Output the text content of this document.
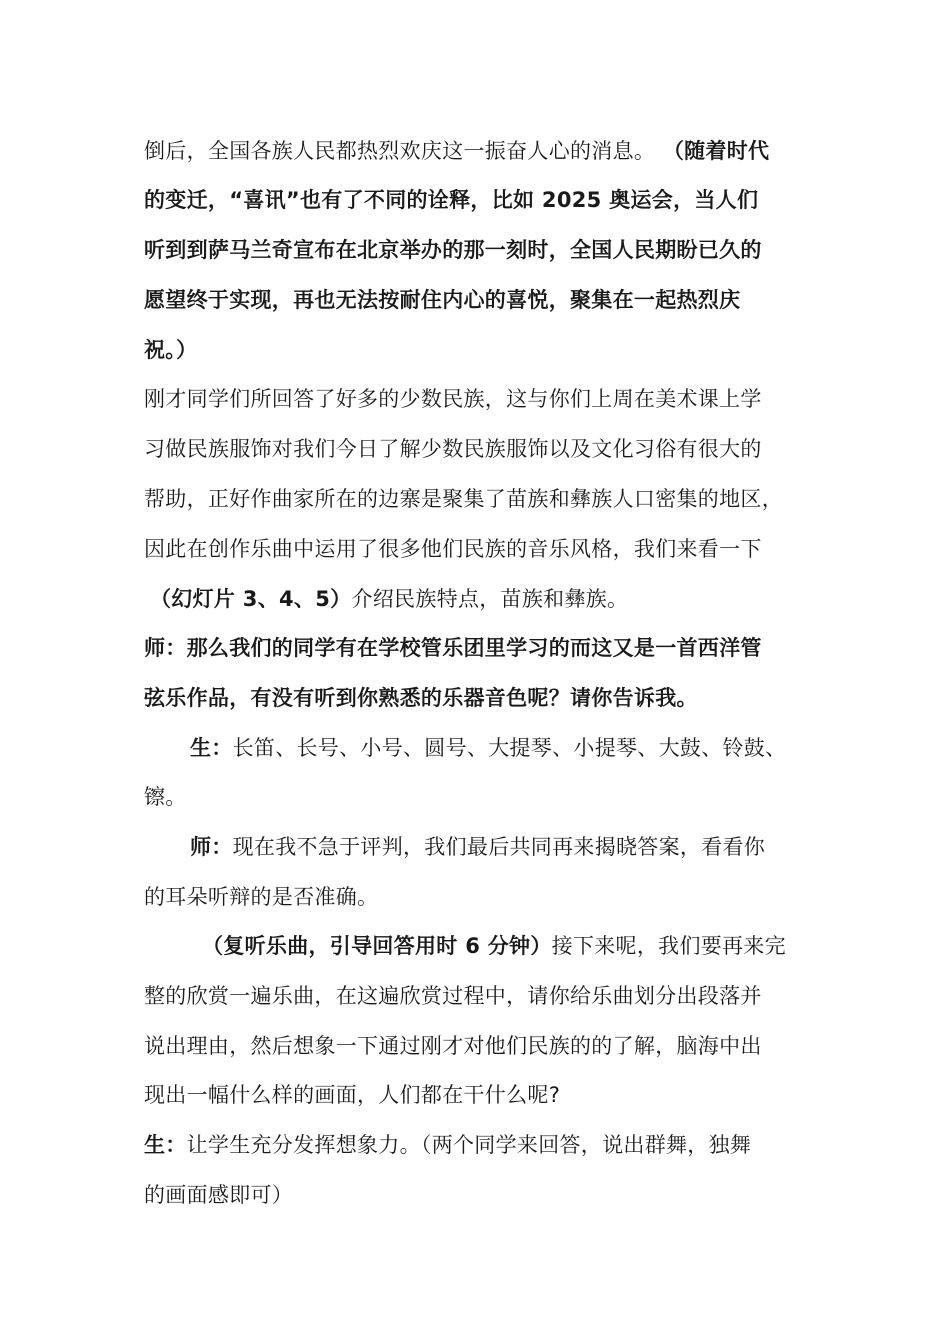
倒后，全国各族人民都热烈欢庆这一振奋人心的消息。 （随着时代
的变迁，“喜讯”也有了不同的诠释，比如 2025 奥运会，当人们
听到到萨马兰奇宣布在北京举办的那一刻时，全国人民期盼已久的
愿望终于实现，再也无法按耐住内心的喜悦，聚集在一起热烈庆
祝。）
刚才同学们所回答了好多的少数民族，这与你们上周在美术课上学
习做民族服饰对我们今日了解少数民族服饰以及文化习俗有很大的
帮助，正好作曲家所在的边寨是聚集了苗族和彝族人口密集的地区，
因此在创作乐曲中运用了很多他们民族的音乐风格，我们来看一下
（幻灯片 3、4、5）介绍民族特点，苗族和彝族。
师：那么我们的同学有在学校管乐团里学习的而这又是一首西洋管
弦乐作品，有没有听到你熟悉的乐器音色呢？请你告诉我。
生：长笛、长号、小号、圆号、大提琴、小提琴、大鼓、铃鼓、
镲。
师：现在我不急于评判，我们最后共同再来揭晓答案，看看你
的耳朵听辩的是否准确。
（复听乐曲，引导回答用时 6 分钟）接下来呢，我们要再来完
整的欣赏一遍乐曲，在这遍欣赏过程中，请你给乐曲划分出段落并
说出理由，然后想象一下通过刚才对他们民族的的了解，脑海中出
现出一幅什么样的画面，人们都在干什么呢?
生：让学生充分发挥想象力。（两个同学来回答，说出群舞，独舞
的画面感即可）
